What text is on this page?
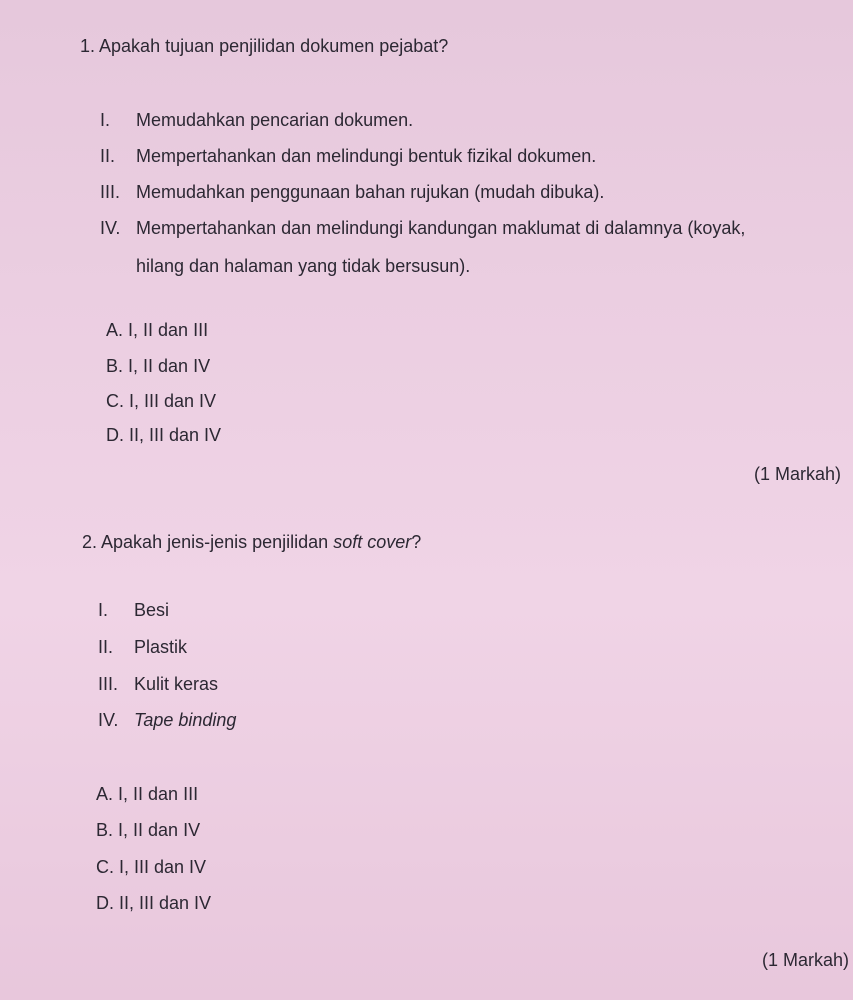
1. Apakah tujuan penjilidan dokumen pejabat?
I. Memudahkan pencarian dokumen.
II. Mempertahankan dan melindungi bentuk fizikal dokumen.
III. Memudahkan penggunaan bahan rujukan (mudah dibuka).
IV. Mempertahankan dan melindungi kandungan maklumat di dalamnya (koyak,
hilang dan halaman yang tidak bersusun).
A. I, II dan III
B. I, II dan IV
C. I, III dan IV
D. II, III dan IV
(1 Markah)
2. Apakah jenis-jenis penjilidan soft cover?
I. Besi
II. Plastik
III. Kulit keras
IV. Tape binding
A. I, II dan III
B. I, II dan IV
C. I, III dan IV
D. II, III dan IV
(1 Markah)
